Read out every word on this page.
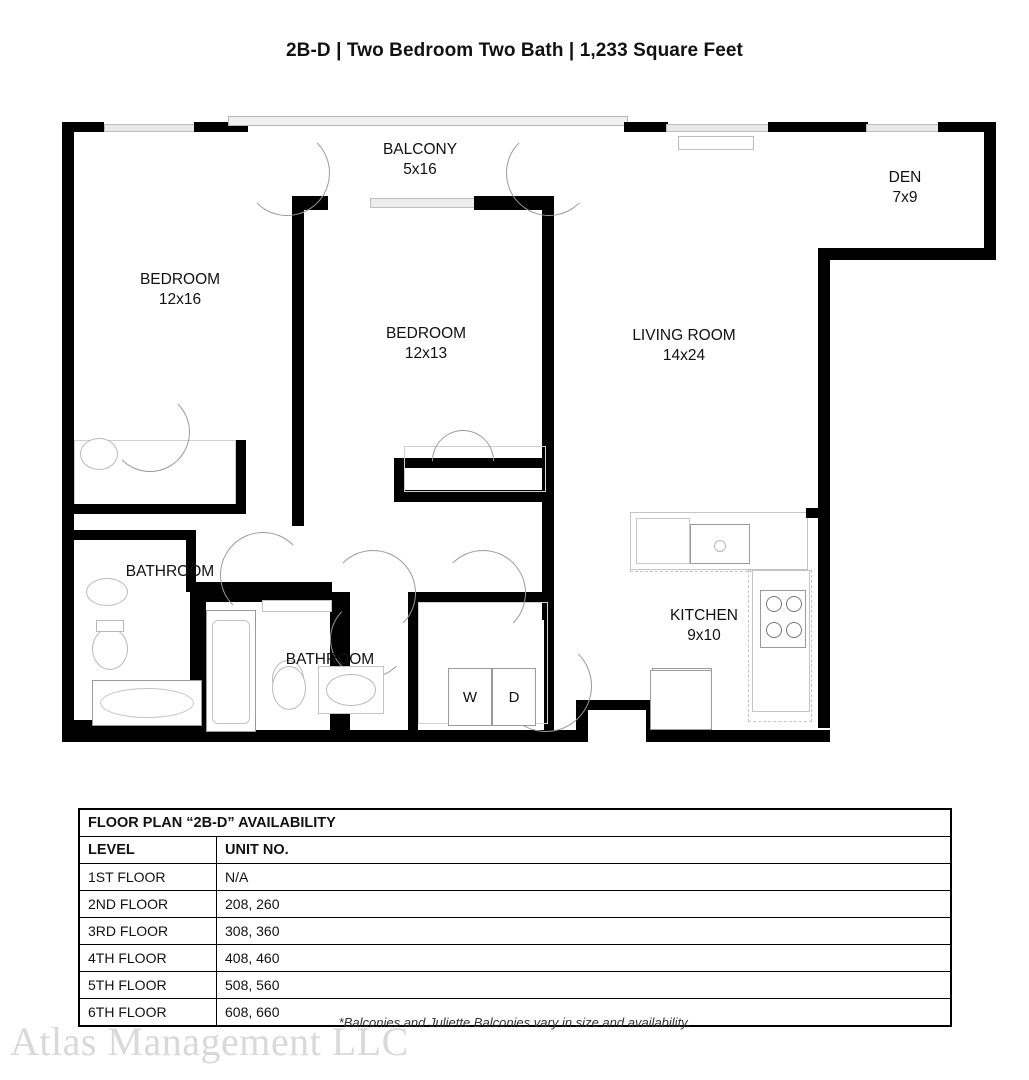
2B-D | Two Bedroom Two Bath | 1,233 Square Feet
W D
BALCONY
5x16	DEN
7x9
BEDROOM
12x16
BEDROOM
12x13
LIVING ROOM
14x24
BATHROOM
BATHROOM
KITCHEN
9x10
FLOOR PLAN “2B-D” AVAILABILITY	
LEVEL	UNIT NO.
1ST FLOOR	N/A
2ND FLOOR	208, 260
3RD FLOOR	308, 360
4TH FLOOR	408, 460
5TH FLOOR	508, 560
6TH FLOOR	608, 660
*Balconies and Juliette Balconies vary in size and availability.
Atlas Management LLC
